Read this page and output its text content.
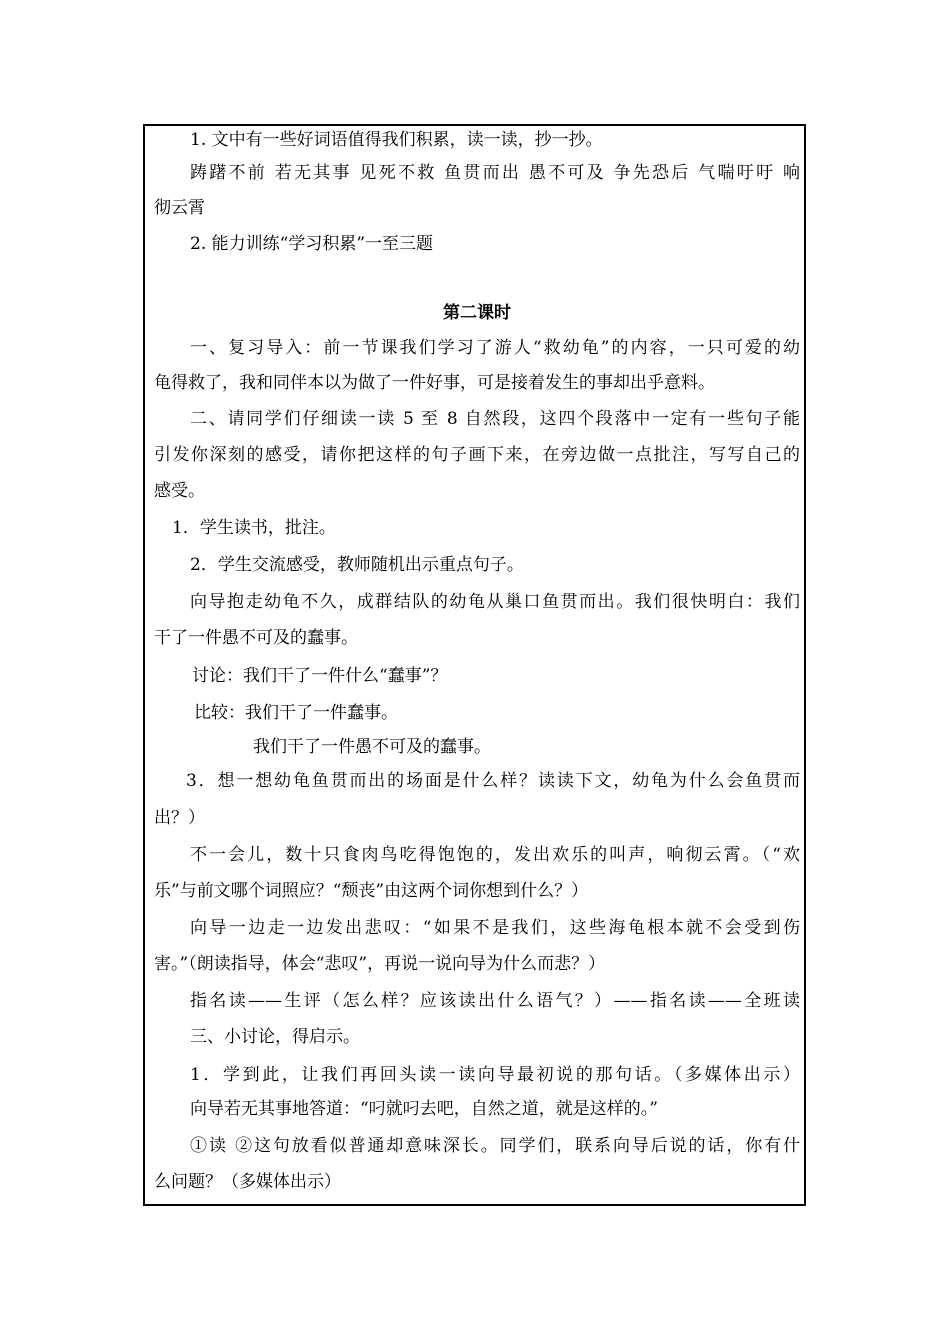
1. 文中有一些好词语值得我们积累，读一读，抄一抄。
踌躇不前 若无其事 见死不救 鱼贯而出 愚不可及 争先恐后 气喘吁吁 响
彻云霄
2. 能力训练“学习积累”一至三题
第二课时
一、复习导入：前一节课我们学习了游人“救幼龟”的内容，一只可爱的幼
龟得救了，我和同伴本以为做了一件好事，可是接着发生的事却出乎意料。
二、请同学们仔细读一读 5 至 8 自然段，这四个段落中一定有一些句子能
引发你深刻的感受，请你把这样的句子画下来，在旁边做一点批注，写写自己的
感受。
1．学生读书，批注。
2．学生交流感受，教师随机出示重点句子。
向导抱走幼龟不久，成群结队的幼龟从巢口鱼贯而出。我们很快明白：我们
干了一件愚不可及的蠢事。
讨论：我们干了一件什么“蠢事”？
比较：我们干了一件蠢事。
我们干了一件愚不可及的蠢事。
3．想一想幼龟鱼贯而出的场面是什么样？读读下文，幼龟为什么会鱼贯而
出？）
不一会儿，数十只食肉鸟吃得饱饱的，发出欢乐的叫声，响彻云霄。（“欢
乐”与前文哪个词照应？“颓丧”由这两个词你想到什么？）
向导一边走一边发出悲叹：“如果不是我们，这些海龟根本就不会受到伤
害。”（朗读指导，体会“悲叹”，再说一说向导为什么而悲？）
指名读——生评（怎么样？应该读出什么语气？）——指名读——全班读
三、小讨论，得启示。
1．学到此，让我们再回头读一读向导最初说的那句话。（多媒体出示）
向导若无其事地答道：“叼就叼去吧，自然之道，就是这样的。”
①读 ②这句放看似普通却意味深长。同学们，联系向导后说的话，你有什
么问题？（多媒体出示）
